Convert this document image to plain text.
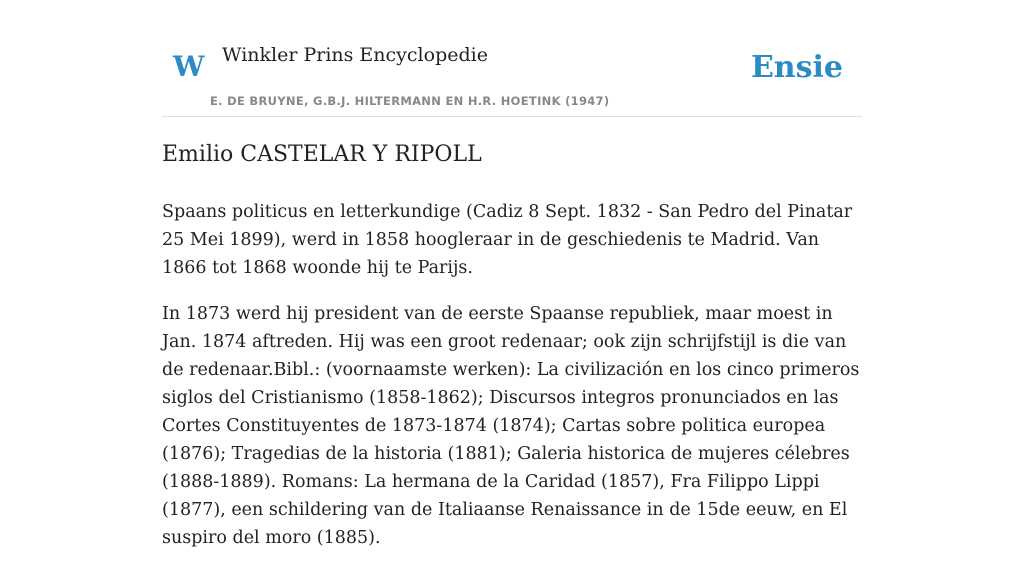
W Winkler Prins Encyclopedie
E. DE BRUYNE, G.B.J. HILTERMANN EN H.R. HOETINK (1947)
Ensie
Emilio CASTELAR Y RIPOLL

Spaans politicus en letterkundige (Cadiz 8 Sept. 1832 - San Pedro del Pinatar 25 Mei 1899), werd in 1858 hoogleraar in de geschiedenis te Madrid. Van 1866 tot 1868 woonde hij te Parijs.

In 1873 werd hij president van de eerste Spaanse republiek, maar moest in Jan. 1874 aftreden. Hij was een groot redenaar; ook zijn schrijfstijl is die van de redenaar.Bibl.: (voornaamste werken): La civilización en los cinco primeros siglos del Cristianismo (1858-1862); Discursos integros pronunciados en las Cortes Constituyentes de 1873-1874 (1874); Cartas sobre politica europea (1876); Tragedias de la historia (1881); Galeria historica de mujeres célebres (1888-1889). Romans: La hermana de la Caridad (1857), Fra Filippo Lippi (1877), een schildering van de Italiaanse Renaissance in de 15de eeuw, en El suspiro del moro (1885).
